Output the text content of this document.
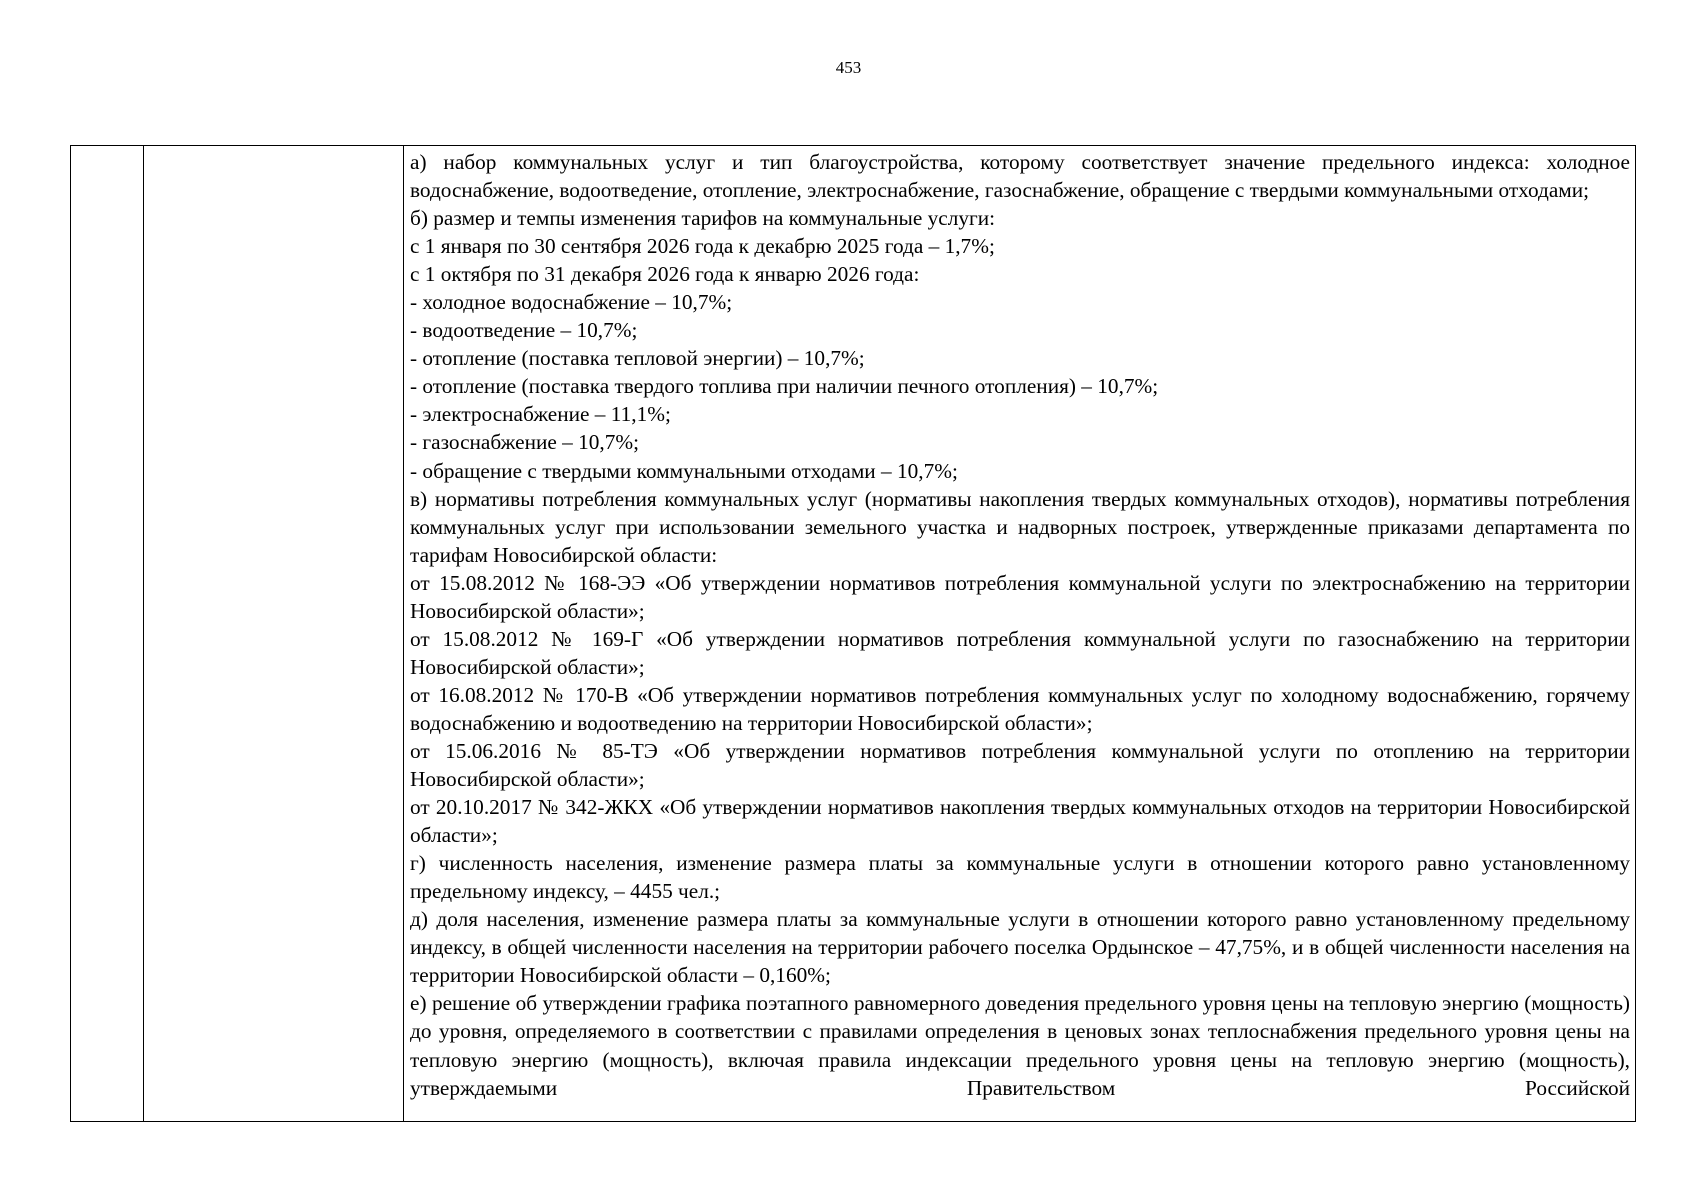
453

а) набор коммунальных услуг и тип благоустройства, которому соответствует значение предельного индекса: холодное водоснабжение, водоотведение, отопление, электроснабжение, газоснабжение, обращение с твердыми коммунальными отходами;

б) размер и темпы изменения тарифов на коммунальные услуги:

с 1 января по 30 сентября 2026 года к декабрю 2025 года – 1,7%;

с 1 октября по 31 декабря 2026 года к январю 2026 года:

- холодное водоснабжение – 10,7%;

- водоотведение – 10,7%;

- отопление (поставка тепловой энергии) – 10,7%;

- отопление (поставка твердого топлива при наличии печного отопления) – 10,7%;

- электроснабжение – 11,1%;

- газоснабжение – 10,7%;

- обращение с твердыми коммунальными отходами – 10,7%;

в) нормативы потребления коммунальных услуг (нормативы накопления твердых коммунальных отходов), нормативы потребления коммунальных услуг при использовании земельного участка и надворных построек, утвержденные приказами департамента по тарифам Новосибирской области:

от 15.08.2012 № 168-ЭЭ «Об утверждении нормативов потребления коммунальной услуги по электроснабжению на территории Новосибирской области»;

от 15.08.2012 № 169-Г «Об утверждении нормативов потребления коммунальной услуги по газоснабжению на территории Новосибирской области»;

от 16.08.2012 № 170-В «Об утверждении нормативов потребления коммунальных услуг по холодному водоснабжению, горячему водоснабжению и водоотведению на территории Новосибирской области»;

от 15.06.2016 № 85-ТЭ «Об утверждении нормативов потребления коммунальной услуги по отоплению на территории Новосибирской области»;

от 20.10.2017 № 342-ЖКХ «Об утверждении нормативов накопления твердых коммунальных отходов на территории Новосибирской области»;

г) численность населения, изменение размера платы за коммунальные услуги в отношении которого равно установленному предельному индексу, – 4455 чел.;

д) доля населения, изменение размера платы за коммунальные услуги в отношении которого равно установленному предельному индексу, в общей численности населения на территории рабочего поселка Ордынское – 47,75%, и в общей численности населения на территории Новосибирской области – 0,160%;

е) решение об утверждении графика поэтапного равномерного доведения предельного уровня цены на тепловую энергию (мощность) до уровня, определяемого в соответствии с правилами определения в ценовых зонах теплоснабжения предельного уровня цены на тепловую энергию (мощность), включая правила индексации предельного уровня цены на тепловую энергию (мощность), утверждаемыми Правительством Российской
